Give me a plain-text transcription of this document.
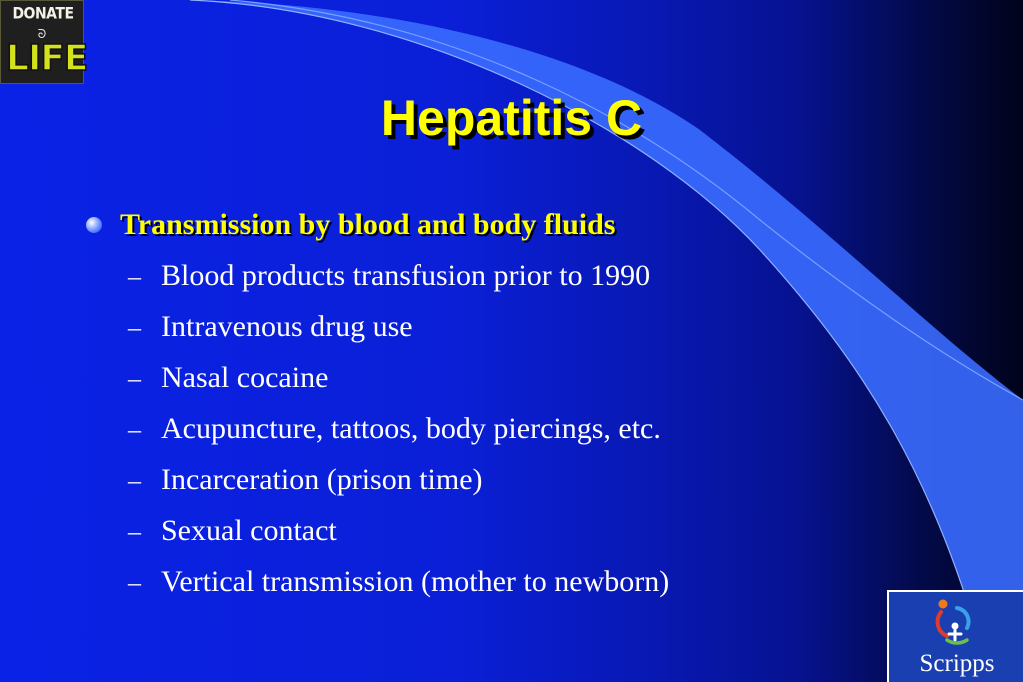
DONATE
ᘐ
LIFE
Hepatitis C
Transmission by blood and body fluids
– Blood products transfusion prior to 1990
– Intravenous drug use
– Nasal cocaine
– Acupuncture, tattoos, body piercings, etc.
– Incarceration (prison time)
– Sexual contact
– Vertical transmission (mother to newborn)
Scripps
